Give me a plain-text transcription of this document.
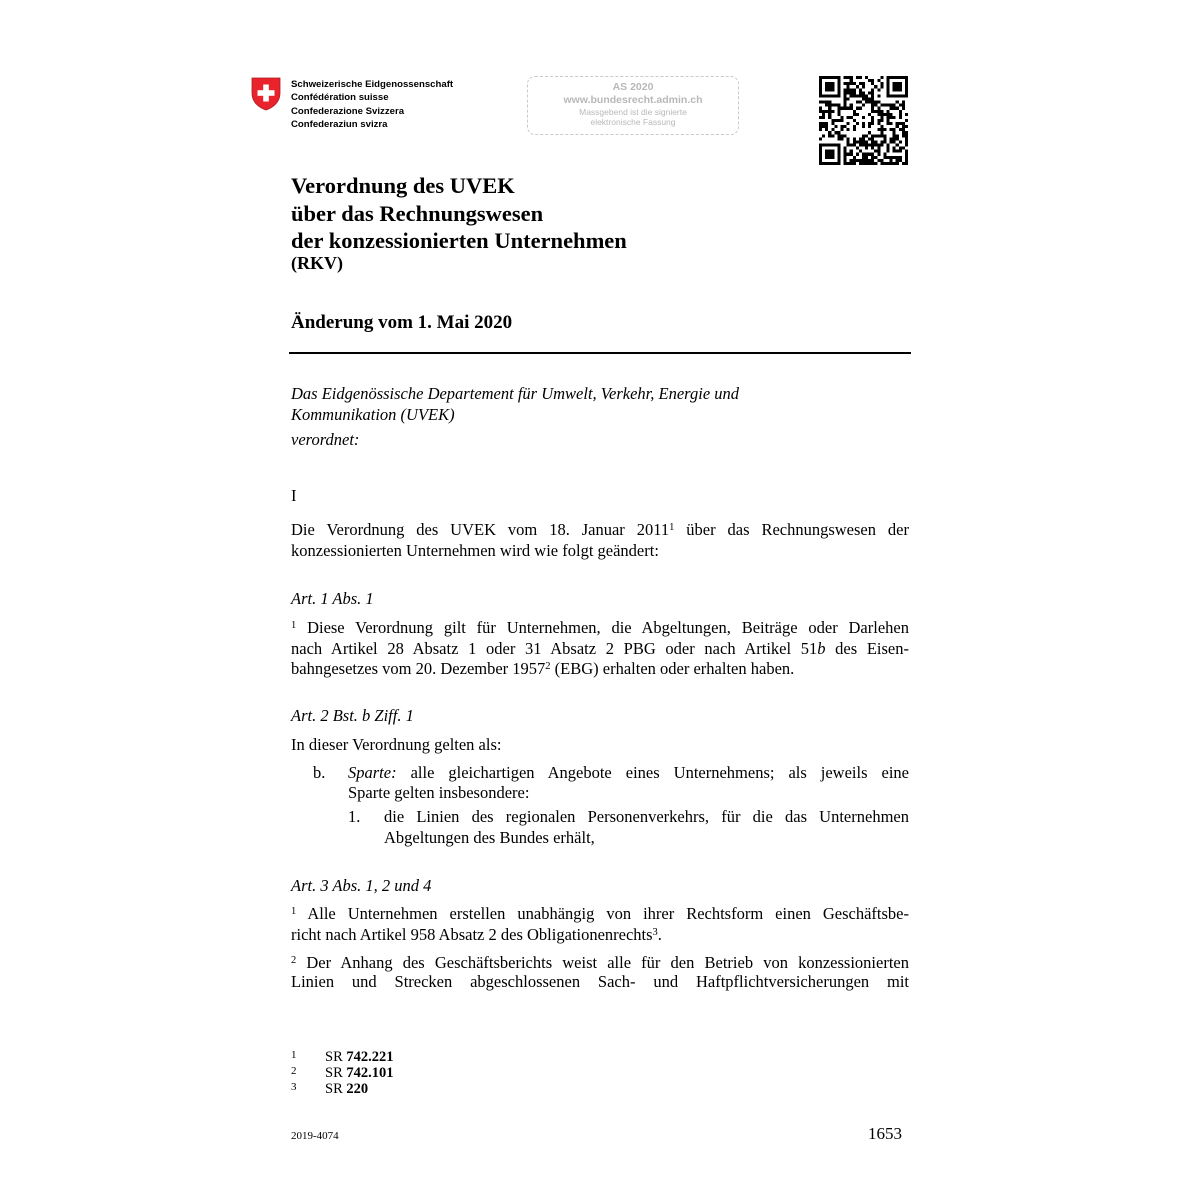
Schweizerische Eidgenossenschaft
Confédération suisse
Confederazione Svizzera
Confederaziun svizra
AS 2020
www.bundesrecht.admin.ch
Massgebend ist die signierte
elektronische Fassung
Verordnung des UVEK
über das Rechnungswesen
der konzessionierten Unternehmen
(RKV)
Änderung vom 1. Mai 2020
Das Eidgenössische Departement für Umwelt, Verkehr, Energie und
Kommunikation (UVEK)
verordnet:
I
Die Verordnung des UVEK vom 18. Januar 2011$^1$ über das Rechnungswesen der
konzessionierten Unternehmen wird wie folgt geändert:
Art. 1 Abs. 1
$^1$ Diese Verordnung gilt für Unternehmen, die Abgeltungen, Beiträge oder Darlehen
nach Artikel 28 Absatz 1 oder 31 Absatz 2 PBG oder nach Artikel 51b des Eisen-
bahngesetzes vom 20. Dezember 1957$^2$ (EBG) erhalten oder erhalten haben.
Art. 2 Bst. b Ziff. 1
In dieser Verordnung gelten als:
b. Sparte: alle gleichartigen Angebote eines Unternehmens; als jeweils eine
Sparte gelten insbesondere:
1. die Linien des regionalen Personenverkehrs, für die das Unternehmen
Abgeltungen des Bundes erhält,
Art. 3 Abs. 1, 2 und 4
$^1$ Alle Unternehmen erstellen unabhängig von ihrer Rechtsform einen Geschäftsbe-
richt nach Artikel 958 Absatz 2 des Obligationenrechts$^3$.
$^2$ Der Anhang des Geschäftsberichts weist alle für den Betrieb von konzessionierten
Linien und Strecken abgeschlossenen Sach- und Haftpflichtversicherungen mit
1 SR 742.221
2 SR 742.101
3 SR 220
2019-4074	1653
